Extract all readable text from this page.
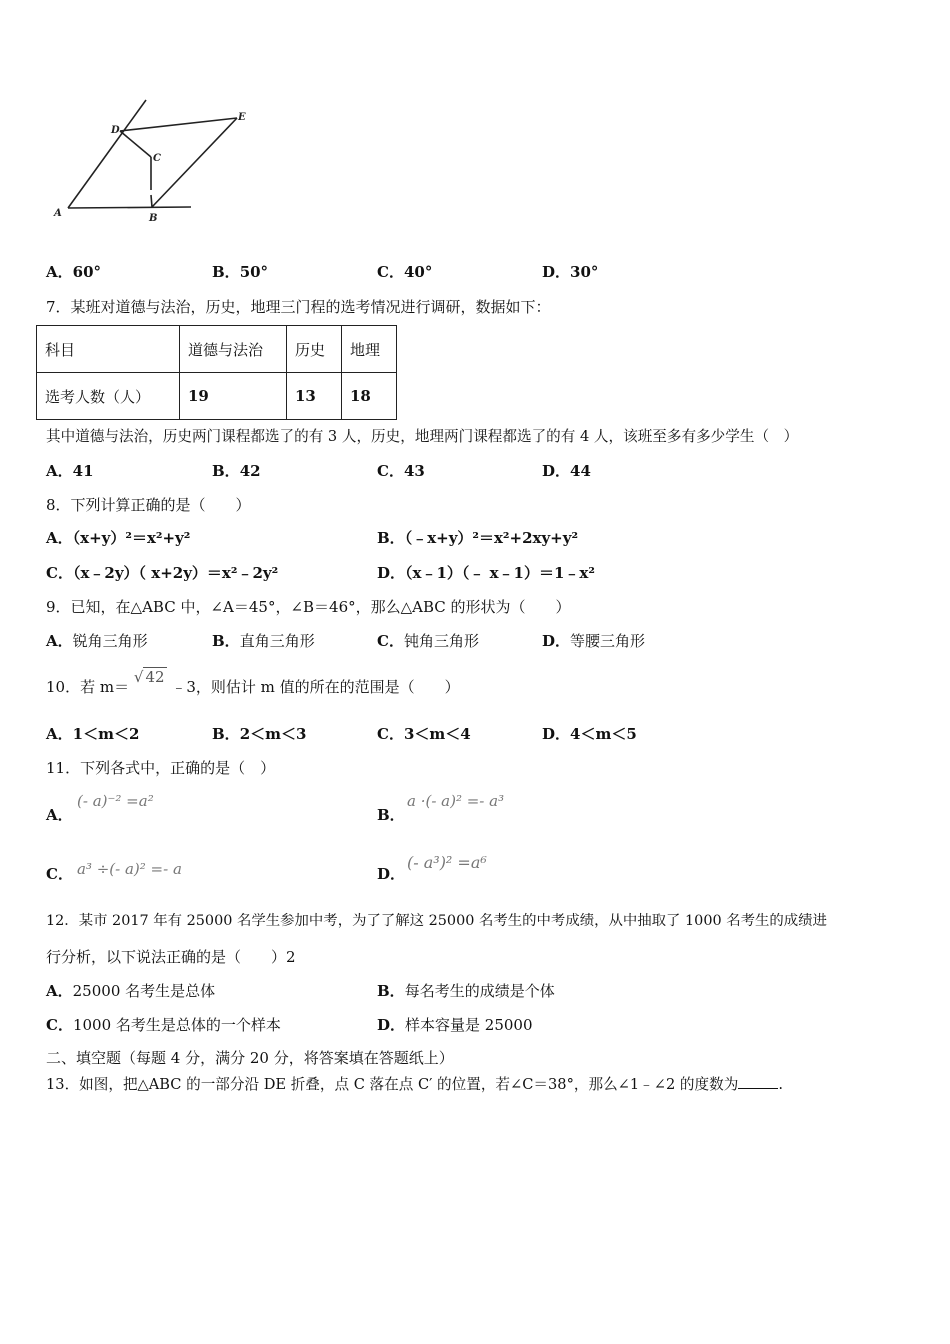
D
E
C
A	B
A．60°	B．50°	C．40°	D．30°
7．某班对道德与法治，历史，地理三门程的选考情况进行调研，数据如下：
科目	道德与法治	历史	地理
选考人数（人）	19	13	18
其中道德与法治，历史两门课程都选了的有 3 人，历史，地理两门课程都选了的有 4 人，该班至多有多少学生（　）
A．41	B．42	C．43	D．44
8．下列计算正确的是（　　）
A．（x+y）²＝x²+y²	B．（﹣x+y）²＝x²+2xy+y²
C．（x﹣2y）（ x+2y）＝x²﹣2y²	D．（x﹣1）（﹣ x﹣1）＝1﹣x²
9．已知，在△ABC 中，∠A＝45°，∠B＝46°，那么△ABC 的形状为（　　）
A．锐角三角形	B．直角三角形	C．钝角三角形	D．等腰三角形
10．若 m＝ √ 42 ﹣3，则估计 m 值的所在的范围是（　　）
A．1＜m＜2	B．2＜m＜3	C．3＜m＜4	D．4＜m＜5
11．下列各式中，正确的是（　）
A．
(- a)⁻² =a²
B．
a ·(- a)² =- a³
C． a³ ÷(- a)² =- a	D．
(- a³)² =a⁶
12．某市 2017 年有 25000 名学生参加中考，为了了解这 25000 名考生的中考成绩，从中抽取了 1000 名考生的成绩进
行分析，以下说法正确的是（　　）2
A．25000 名考生是总体	B．每名考生的成绩是个体
C．1000 名考生是总体的一个样本	D．样本容量是 25000
二、填空题（每题 4 分，满分 20 分，将答案填在答题纸上）
13．如图，把△ABC 的一部分沿 DE 折叠，点 C 落在点 C′ 的位置，若∠C＝38°，那么∠1﹣∠2 的度数为	.
